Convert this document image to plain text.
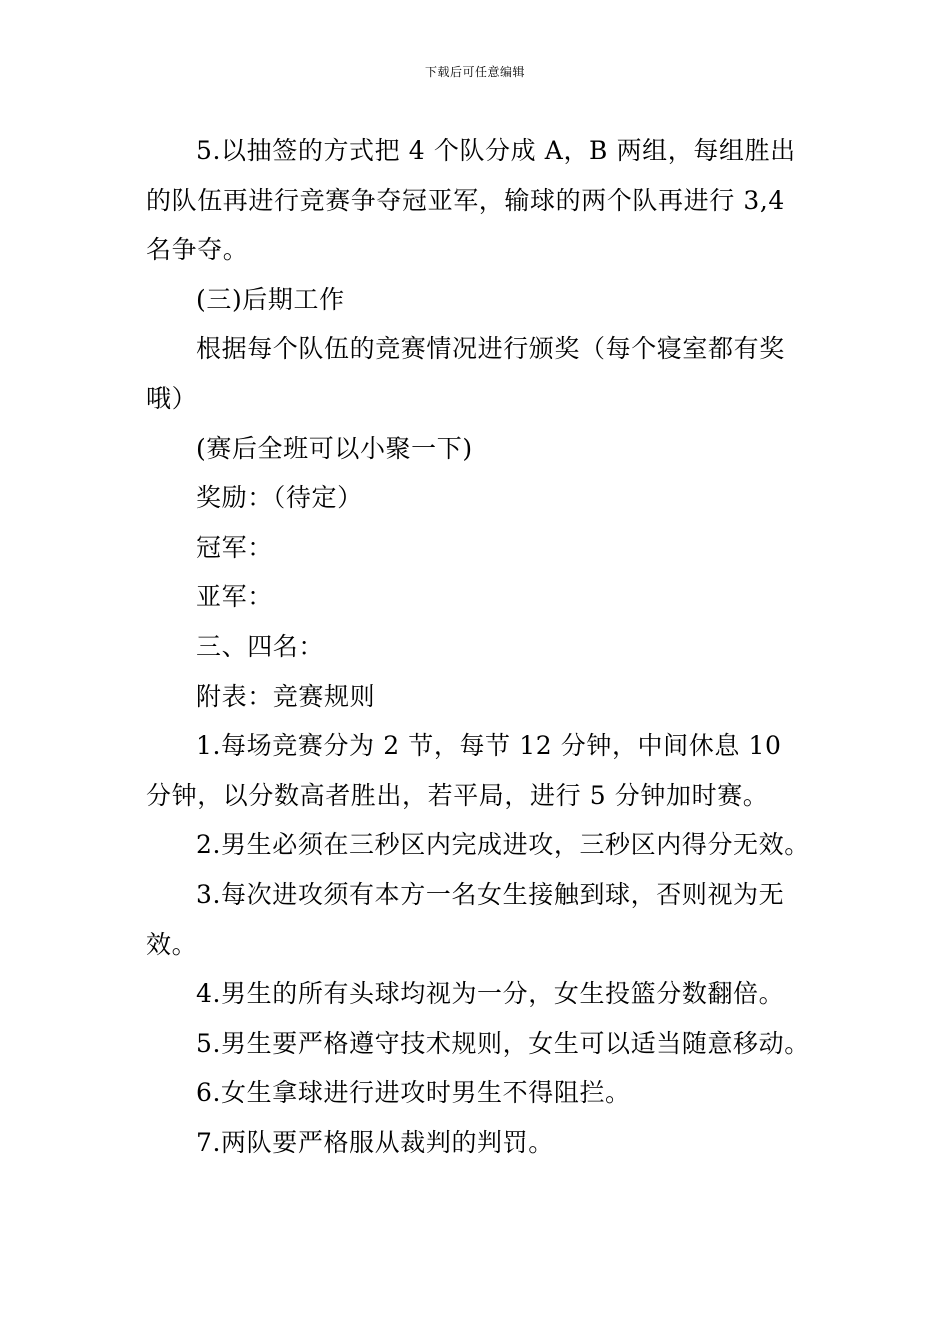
下载后可任意编辑

5.以抽签的方式把 4 个队分成 A，B 两组，每组胜出的队伍再进行竞赛争夺冠亚军，输球的两个队再进行 3,4 名争夺。

(三)后期工作

根据每个队伍的竞赛情况进行颁奖（每个寝室都有奖哦）

(赛后全班可以小聚一下)

奖励：（待定）

冠军：

亚军：

三、四名：

附表：竞赛规则

1.每场竞赛分为 2 节，每节 12 分钟，中间休息 10 分钟，以分数高者胜出，若平局，进行 5 分钟加时赛。

2.男生必须在三秒区内完成进攻，三秒区内得分无效。

3.每次进攻须有本方一名女生接触到球，否则视为无效。

4.男生的所有头球均视为一分，女生投篮分数翻倍。

5.男生要严格遵守技术规则，女生可以适当随意移动。

6.女生拿球进行进攻时男生不得阻拦。

7.两队要严格服从裁判的判罚。
